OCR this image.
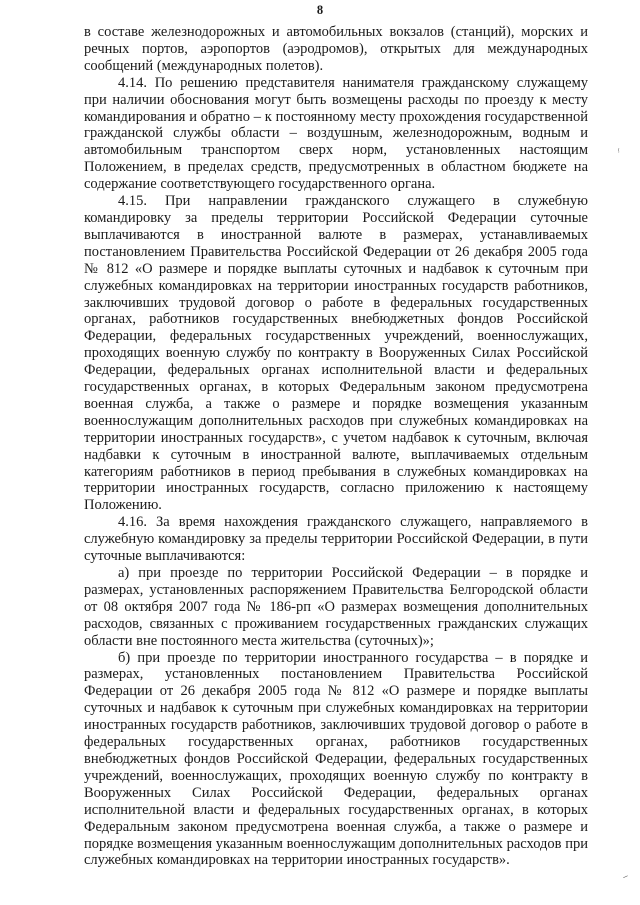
8

в составе железнодорожных и автомобильных вокзалов (станций), морских и речных портов, аэропортов (аэродромов), открытых для международных сообщений (международных полетов).

4.14. По решению представителя нанимателя гражданскому служащему при наличии обоснования могут быть возмещены расходы по проезду к месту командирования и обратно – к постоянному месту прохождения государственной гражданской службы области – воздушным, железнодорожным, водным и автомобильным транспортом сверх норм, установленных настоящим Положением, в пределах средств, предусмотренных в областном бюджете на содержание соответствующего государственного органа.

4.15. При направлении гражданского служащего в служебную командировку за пределы территории Российской Федерации суточные выплачиваются в иностранной валюте в размерах, устанавливаемых постановлением Правительства Российской Федерации от 26 декабря 2005 года № 812 «О размере и порядке выплаты суточных и надбавок к суточным при служебных командировках на территории иностранных государств работников, заключивших трудовой договор о работе в федеральных государственных органах, работников государственных внебюджетных фондов Российской Федерации, федеральных государственных учреждений, военнослужащих, проходящих военную службу по контракту в Вооруженных Силах Российской Федерации, федеральных органах исполнительной власти и федеральных государственных органах, в которых Федеральным законом предусмотрена военная служба, а также о размере и порядке возмещения указанным военнослужащим дополнительных расходов при служебных командировках на территории иностранных государств», с учетом надбавок к суточным, включая надбавки к суточным в иностранной валюте, выплачиваемых отдельным категориям работников в период пребывания в служебных командировках на территории иностранных государств, согласно приложению к настоящему Положению.

4.16. За время нахождения гражданского служащего, направляемого в служебную командировку за пределы территории Российской Федерации, в пути суточные выплачиваются:

а) при проезде по территории Российской Федерации – в порядке и размерах, установленных распоряжением Правительства Белгородской области от 08 октября 2007 года № 186-рп «О размерах возмещения дополнительных расходов, связанных с проживанием государственных гражданских служащих области вне постоянного места жительства (суточных)»;

б) при проезде по территории иностранного государства – в порядке и размерах, установленных постановлением Правительства Российской Федерации от 26 декабря 2005 года № 812 «О размере и порядке выплаты суточных и надбавок к суточным при служебных командировках на территории иностранных государств работников, заключивших трудовой договор о работе в федеральных государственных органах, работников государственных внебюджетных фондов Российской Федерации, федеральных государственных учреждений, военнослужащих, проходящих военную службу по контракту в Вооруженных Силах Российской Федерации, федеральных органах исполнительной власти и федеральных государственных органах, в которых Федеральным законом предусмотрена военная служба, а также о размере и порядке возмещения указанным военнослужащим дополнительных расходов при служебных командировках на территории иностранных государств».

ᵎ
⸝
